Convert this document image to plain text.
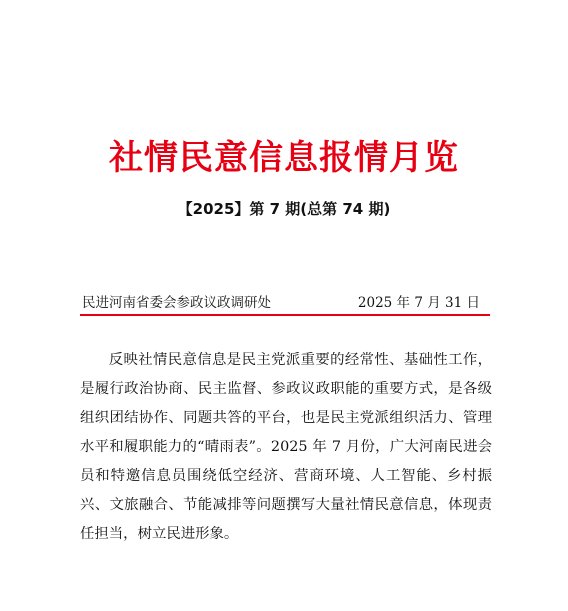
社情民意信息报情月览
【2025】第 7 期(总第 74 期)
民进河南省委会参政议政调研处	2025 年 7 月 31 日

反映社情民意信息是民主党派重要的经常性、基础性工作，是履行政治协商、民主监督、参政议政职能的重要方式，是各级组织团结协作、同题共答的平台，也是民主党派组织活力、管理水平和履职能力的“晴雨表”。2025 年 7 月份，广大河南民进会员和特邀信息员围绕低空经济、营商环境、人工智能、乡村振兴、文旅融合、节能减排等问题撰写大量社情民意信息，体现责任担当，树立民进形象。
